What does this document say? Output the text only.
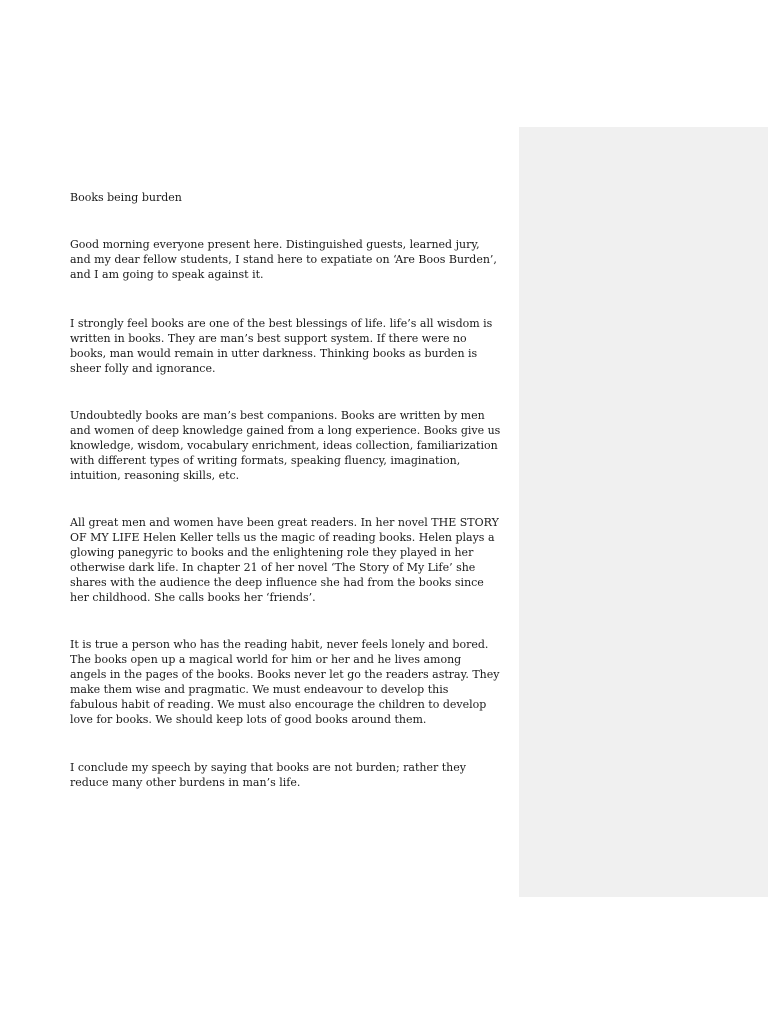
Books being burden

Good morning everyone present here. Distinguished guests, learned jury,
and my dear fellow students, I stand here to expatiate on ‘Are Boos Burden’,
and I am going to speak against it.

I strongly feel books are one of the best blessings of life. life’s all wisdom is
written in books. They are man’s best support system. If there were no
books, man would remain in utter darkness. Thinking books as burden is
sheer folly and ignorance.

Undoubtedly books are man’s best companions. Books are written by men
and women of deep knowledge gained from a long experience. Books give us
knowledge, wisdom, vocabulary enrichment, ideas collection, familiarization
with different types of writing formats, speaking fluency, imagination,
intuition, reasoning skills, etc.

All great men and women have been great readers. In her novel THE STORY
OF MY LIFE Helen Keller tells us the magic of reading books. Helen plays a
glowing panegyric to books and the enlightening role they played in her
otherwise dark life. In chapter 21 of her novel ‘The Story of My Life’ she
shares with the audience the deep influence she had from the books since
her childhood. She calls books her ‘friends’.

It is true a person who has the reading habit, never feels lonely and bored.
The books open up a magical world for him or her and he lives among
angels in the pages of the books. Books never let go the readers astray. They
make them wise and pragmatic. We must endeavour to develop this
fabulous habit of reading. We must also encourage the children to develop
love for books. We should keep lots of good books around them.

I conclude my speech by saying that books are not burden; rather they
reduce many other burdens in man’s life.
